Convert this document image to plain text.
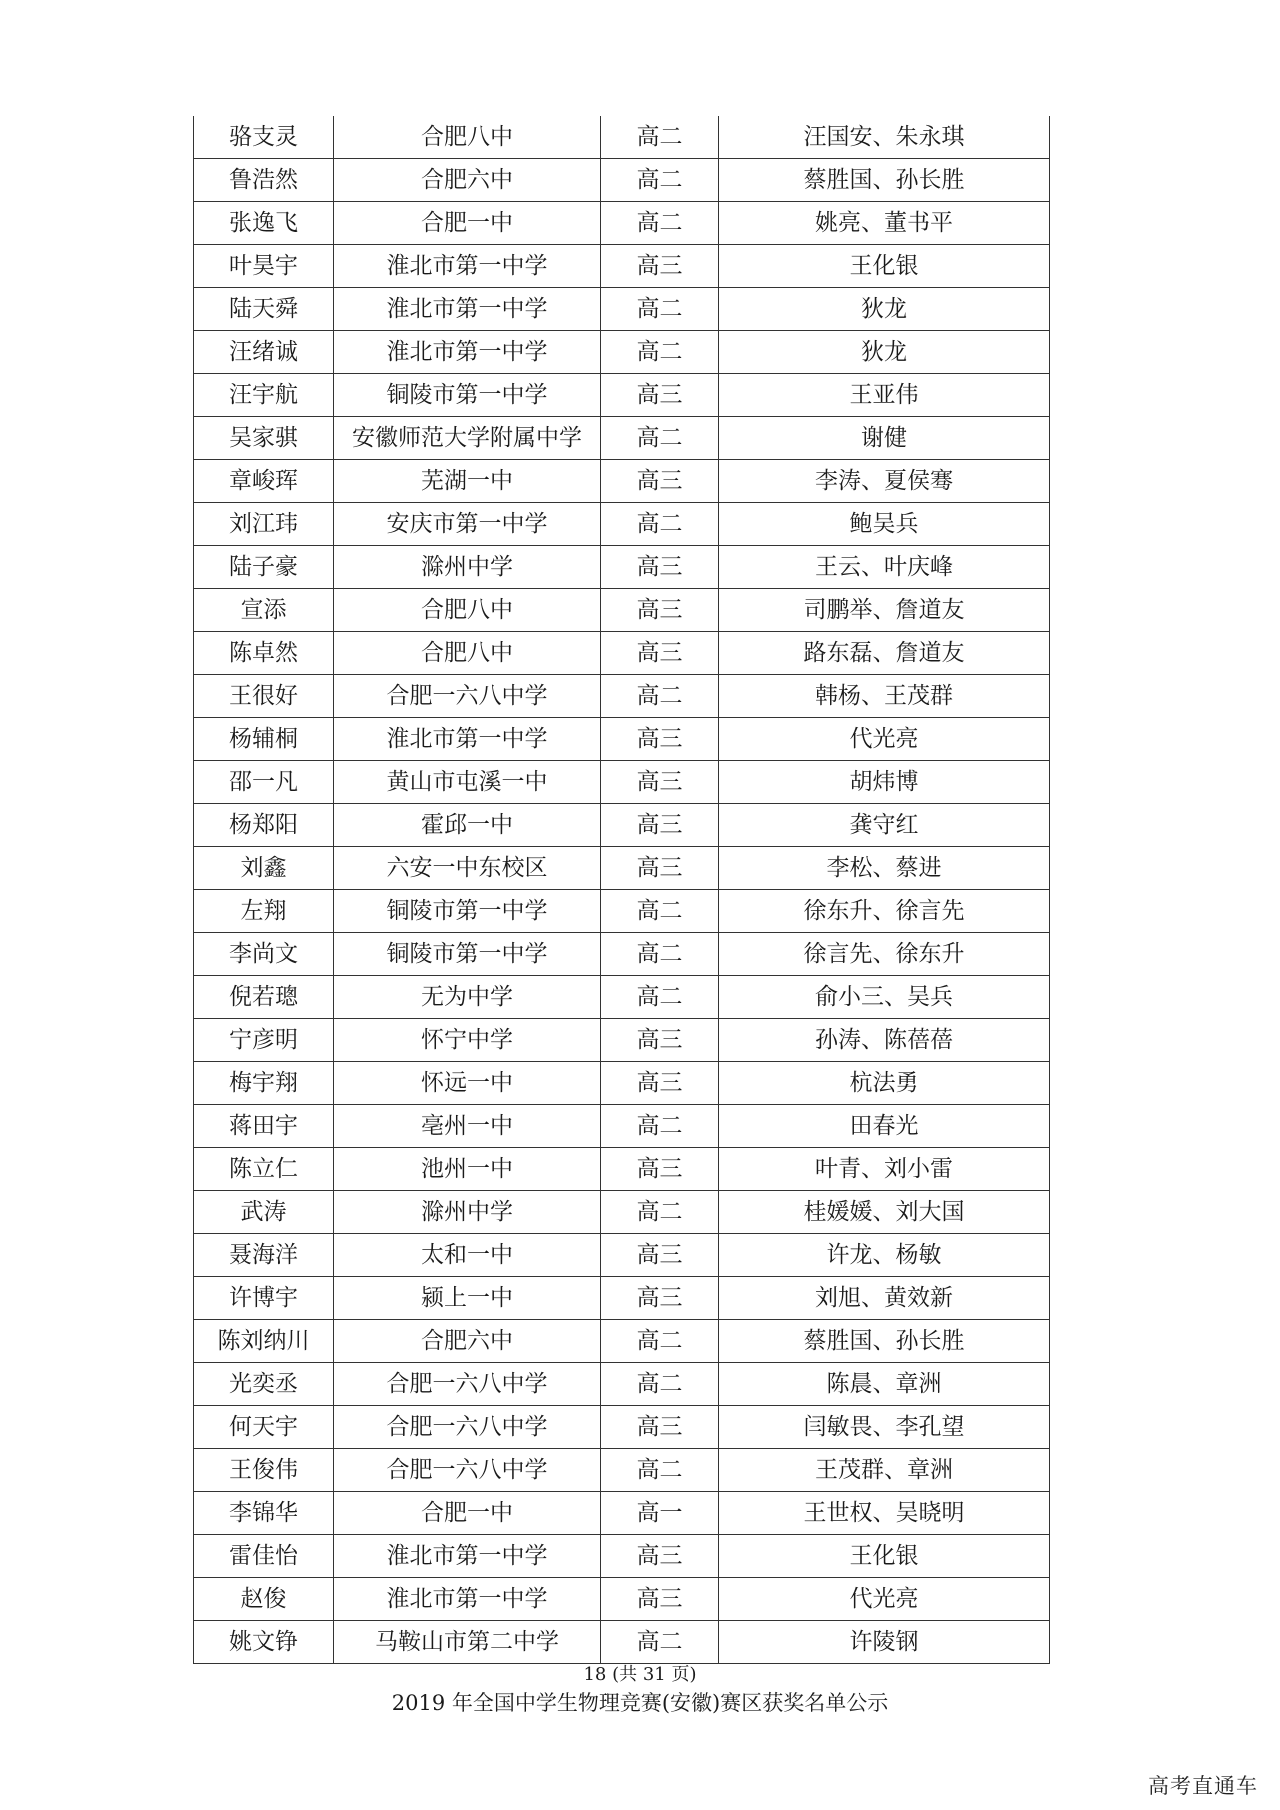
骆支灵	合肥八中	高二	汪国安、朱永琪
鲁浩然	合肥六中	高二	蔡胜国、孙长胜
张逸飞	合肥一中	高二	姚亮、董书平
叶昊宇	淮北市第一中学	高三	王化银
陆天舜	淮北市第一中学	高二	狄龙
汪绪诚	淮北市第一中学	高二	狄龙
汪宇航	铜陵市第一中学	高三	王亚伟
吴家骐	安徽师范大学附属中学	高二	谢健
章峻珲	芜湖一中	高三	李涛、夏侯骞
刘江玮	安庆市第一中学	高二	鲍吴兵
陆子豪	滁州中学	高三	王云、叶庆峰
宣添	合肥八中	高三	司鹏举、詹道友
陈卓然	合肥八中	高三	路东磊、詹道友
王很好	合肥一六八中学	高二	韩杨、王茂群
杨辅桐	淮北市第一中学	高三	代光亮
邵一凡	黄山市屯溪一中	高三	胡炜博
杨郑阳	霍邱一中	高三	龚守红
刘鑫	六安一中东校区	高三	李松、蔡进
左翔	铜陵市第一中学	高二	徐东升、徐言先
李尚文	铜陵市第一中学	高二	徐言先、徐东升
倪若璁	无为中学	高二	俞小三、吴兵
宁彦明	怀宁中学	高三	孙涛、陈蓓蓓
梅宇翔	怀远一中	高三	杭法勇
蒋田宇	亳州一中	高二	田春光
陈立仁	池州一中	高三	叶青、刘小雷
武涛	滁州中学	高二	桂媛媛、刘大国
聂海洋	太和一中	高三	许龙、杨敏
许博宇	颍上一中	高三	刘旭、黄效新
陈刘纳川	合肥六中	高二	蔡胜国、孙长胜
光奕丞	合肥一六八中学	高二	陈晨、章洲
何天宇	合肥一六八中学	高三	闫敏畏、李孔望
王俊伟	合肥一六八中学	高二	王茂群、章洲
李锦华	合肥一中	高一	王世权、吴晓明
雷佳怡	淮北市第一中学	高三	王化银
赵俊	淮北市第一中学	高三	代光亮
姚文铮	马鞍山市第二中学	高二	许陵钢
18 (共 31 页)
2019 年全国中学生物理竞赛(安徽)赛区获奖名单公示
高考直通车
